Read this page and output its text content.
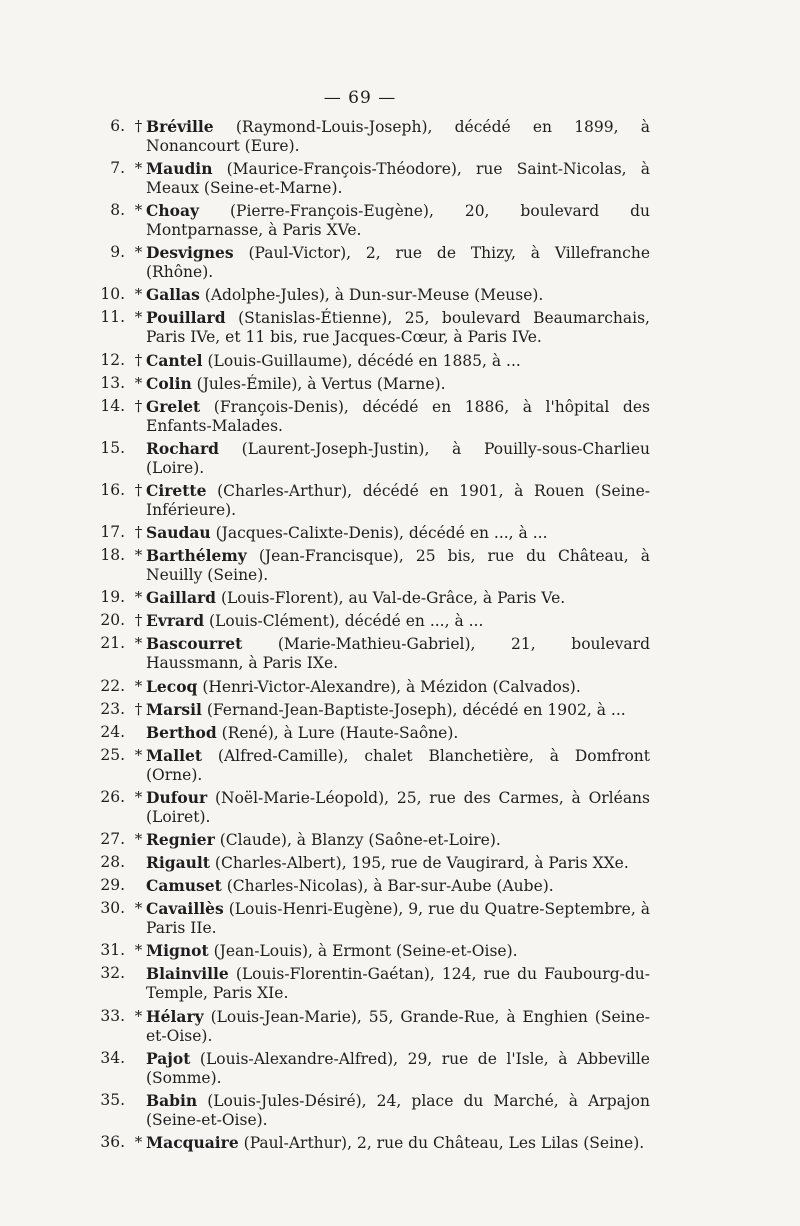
— 69 —
6. † Bréville (Raymond-Louis-Joseph), décédé en 1899, à Nonancourt (Eure).
7. * Maudin (Maurice-François-Théodore), rue Saint-Nicolas, à Meaux (Seine-et-Marne).
8. * Choay (Pierre-François-Eugène), 20, boulevard du Montparnasse, à Paris XVe.
9. * Desvignes (Paul-Victor), 2, rue de Thizy, à Villefranche (Rhône).
10. * Gallas (Adolphe-Jules), à Dun-sur-Meuse (Meuse).
11. * Pouillard (Stanislas-Étienne), 25, boulevard Beaumarchais, Paris IVe, et 11 bis, rue Jacques-Cœur, à Paris IVe.
12. † Cantel (Louis-Guillaume), décédé en 1885, à ...
13. * Colin (Jules-Émile), à Vertus (Marne).
14. † Grelet (François-Denis), décédé en 1886, à l'hôpital des Enfants-Malades.
15.	Rochard (Laurent-Joseph-Justin), à Pouilly-sous-Charlieu (Loire).
16. † Cirette (Charles-Arthur), décédé en 1901, à Rouen (Seine-Inférieure).
17. † Saudau (Jacques-Calixte-Denis), décédé en ..., à ...
18. * Barthélemy (Jean-Francisque), 25 bis, rue du Château, à Neuilly (Seine).
19. * Gaillard (Louis-Florent), au Val-de-Grâce, à Paris Ve.
20. † Evrard (Louis-Clément), décédé en ..., à ...
21. * Bascourret (Marie-Mathieu-Gabriel), 21, boulevard Haussmann, à Paris IXe.
22. * Lecoq (Henri-Victor-Alexandre), à Mézidon (Calvados).
23. † Marsil (Fernand-Jean-Baptiste-Joseph), décédé en 1902, à ...
24.	Berthod (René), à Lure (Haute-Saône).
25. * Mallet (Alfred-Camille), chalet Blanchetière, à Domfront (Orne).
26. * Dufour (Noël-Marie-Léopold), 25, rue des Carmes, à Orléans (Loiret).
27. * Regnier (Claude), à Blanzy (Saône-et-Loire).
28.	Rigault (Charles-Albert), 195, rue de Vaugirard, à Paris XXe.
29.	Camuset (Charles-Nicolas), à Bar-sur-Aube (Aube).
30. * Cavaillès (Louis-Henri-Eugène), 9, rue du Quatre-Septembre, à Paris IIe.
31. * Mignot (Jean-Louis), à Ermont (Seine-et-Oise).
32.	Blainville (Louis-Florentin-Gaétan), 124, rue du Faubourg-du-Temple, Paris XIe.
33. * Hélary (Louis-Jean-Marie), 55, Grande-Rue, à Enghien (Seine-et-Oise).
34.	Pajot (Louis-Alexandre-Alfred), 29, rue de l'Isle, à Abbeville (Somme).
35.	Babin (Louis-Jules-Désiré), 24, place du Marché, à Arpajon (Seine-et-Oise).
36. * Macquaire (Paul-Arthur), 2, rue du Château, Les Lilas (Seine).
